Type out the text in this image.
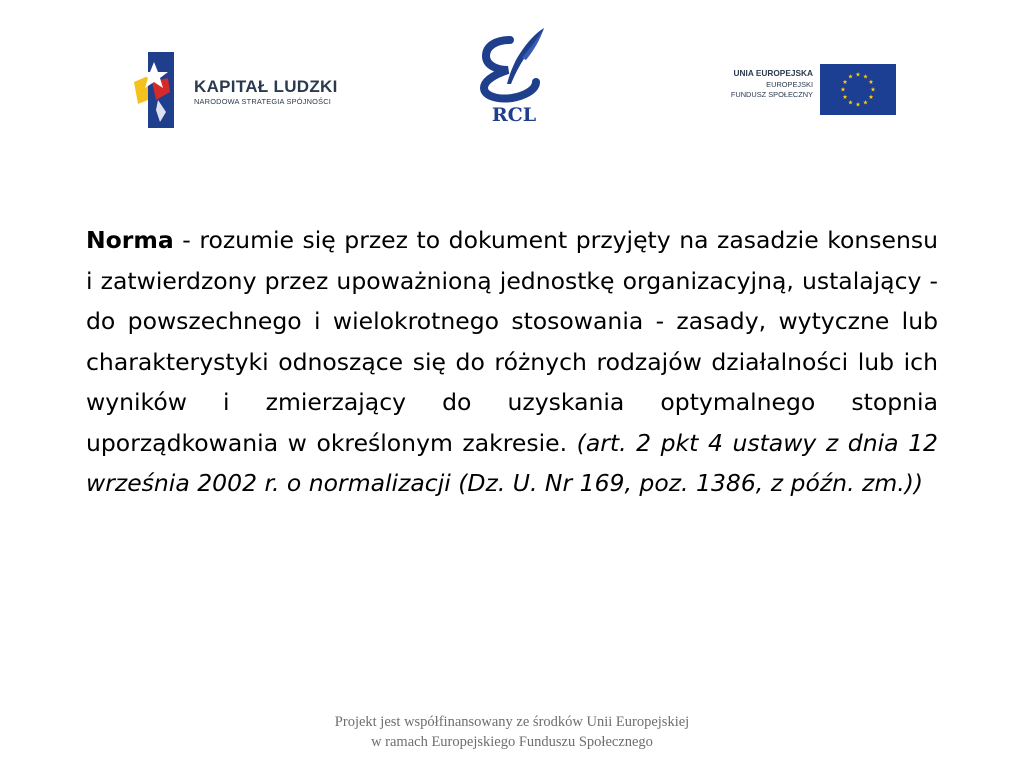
KAPITAŁ LUDZKI
NARODOWA STRATEGIA SPÓJNOŚCI
RCL
UNIA EUROPEJSKA
EUROPEJSKI
FUNDUSZ SPOŁECZNY
Norma - rozumie się przez to dokument przyjęty na zasadzie konsensu i zatwierdzony przez upoważnioną jednostkę organizacyjną, ustalający - do powszechnego i wielokrotnego stosowania - zasady, wytyczne lub charakterystyki odnoszące się do różnych rodzajów działalności lub ich wyników i zmierzający do uzyskania optymalnego stopnia uporządkowania w określonym zakresie. (art. 2 pkt 4 ustawy z dnia 12 września 2002 r. o normalizacji (Dz. U. Nr 169, poz. 1386, z późn. zm.))
Projekt jest współfinansowany ze środków Unii Europejskiej
w ramach Europejskiego Funduszu Społecznego
